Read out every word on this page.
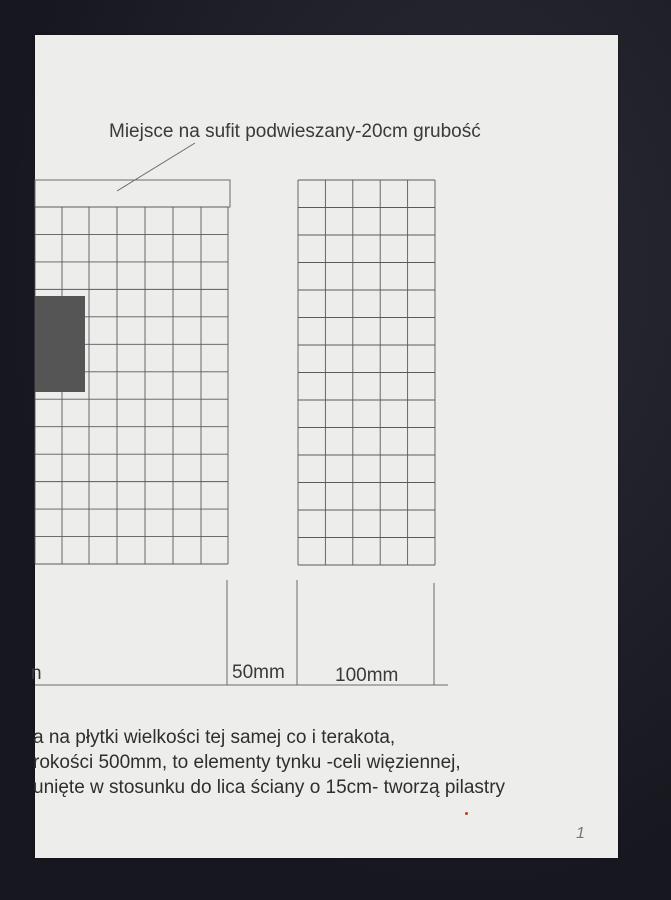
Miejsce na sufit podwieszany-20cm grubość
n	50mm	100mm
a na płytki wielkości tej samej co i terakota,
rokości 500mm, to elementy tynku -celi więziennej,
unięte w stosunku do lica ściany o 15cm- tworzą pilastry
1
